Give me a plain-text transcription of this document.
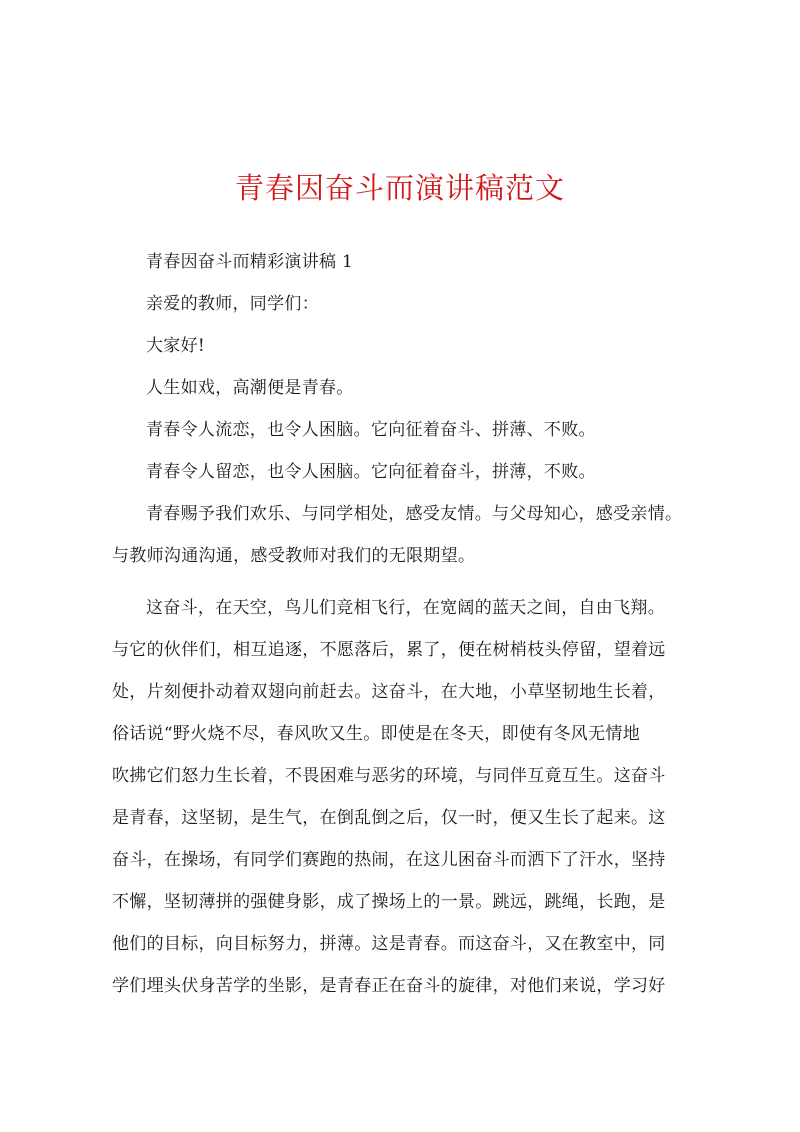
青春因奋斗而演讲稿范文
青春因奋斗而精彩演讲稿 1
亲爱的教师，同学们：
大家好!
人生如戏，高潮便是青春。
青春令人流恋，也令人困脑。它向征着奋斗、拼薄、不败。
青春令人留恋，也令人困脑。它向征着奋斗，拼薄，不败。
青春赐予我们欢乐、与同学相处，感受友情。与父母知心，感受亲情。
与教师沟通沟通，感受教师对我们的无限期望。
这奋斗，在天空，鸟儿们竞相飞行，在宽阔的蓝天之间，自由飞翔。
与它的伙伴们，相互追逐，不愿落后，累了，便在树梢枝头停留，望着远
处，片刻便扑动着双翅向前赶去。这奋斗，在大地，小草坚韧地生长着，
俗话说“野火烧不尽，春风吹又生。即使是在冬天，即使有冬风无情地
吹拂它们怒力生长着，不畏困难与恶劣的环境，与同伴互竟互生。这奋斗
是青春，这坚韧，是生气，在倒乱倒之后，仅一时，便又生长了起来。这
奋斗，在操场，有同学们赛跑的热闹，在这儿困奋斗而洒下了汗水，坚持
不懈，坚韧薄拼的强健身影，成了操场上的一景。跳远，跳绳，长跑，是
他们的目标，向目标努力，拼薄。这是青春。而这奋斗，又在教室中，同
学们埋头伏身苦学的坐影，是青春正在奋斗的旋律，对他们来说，学习好
